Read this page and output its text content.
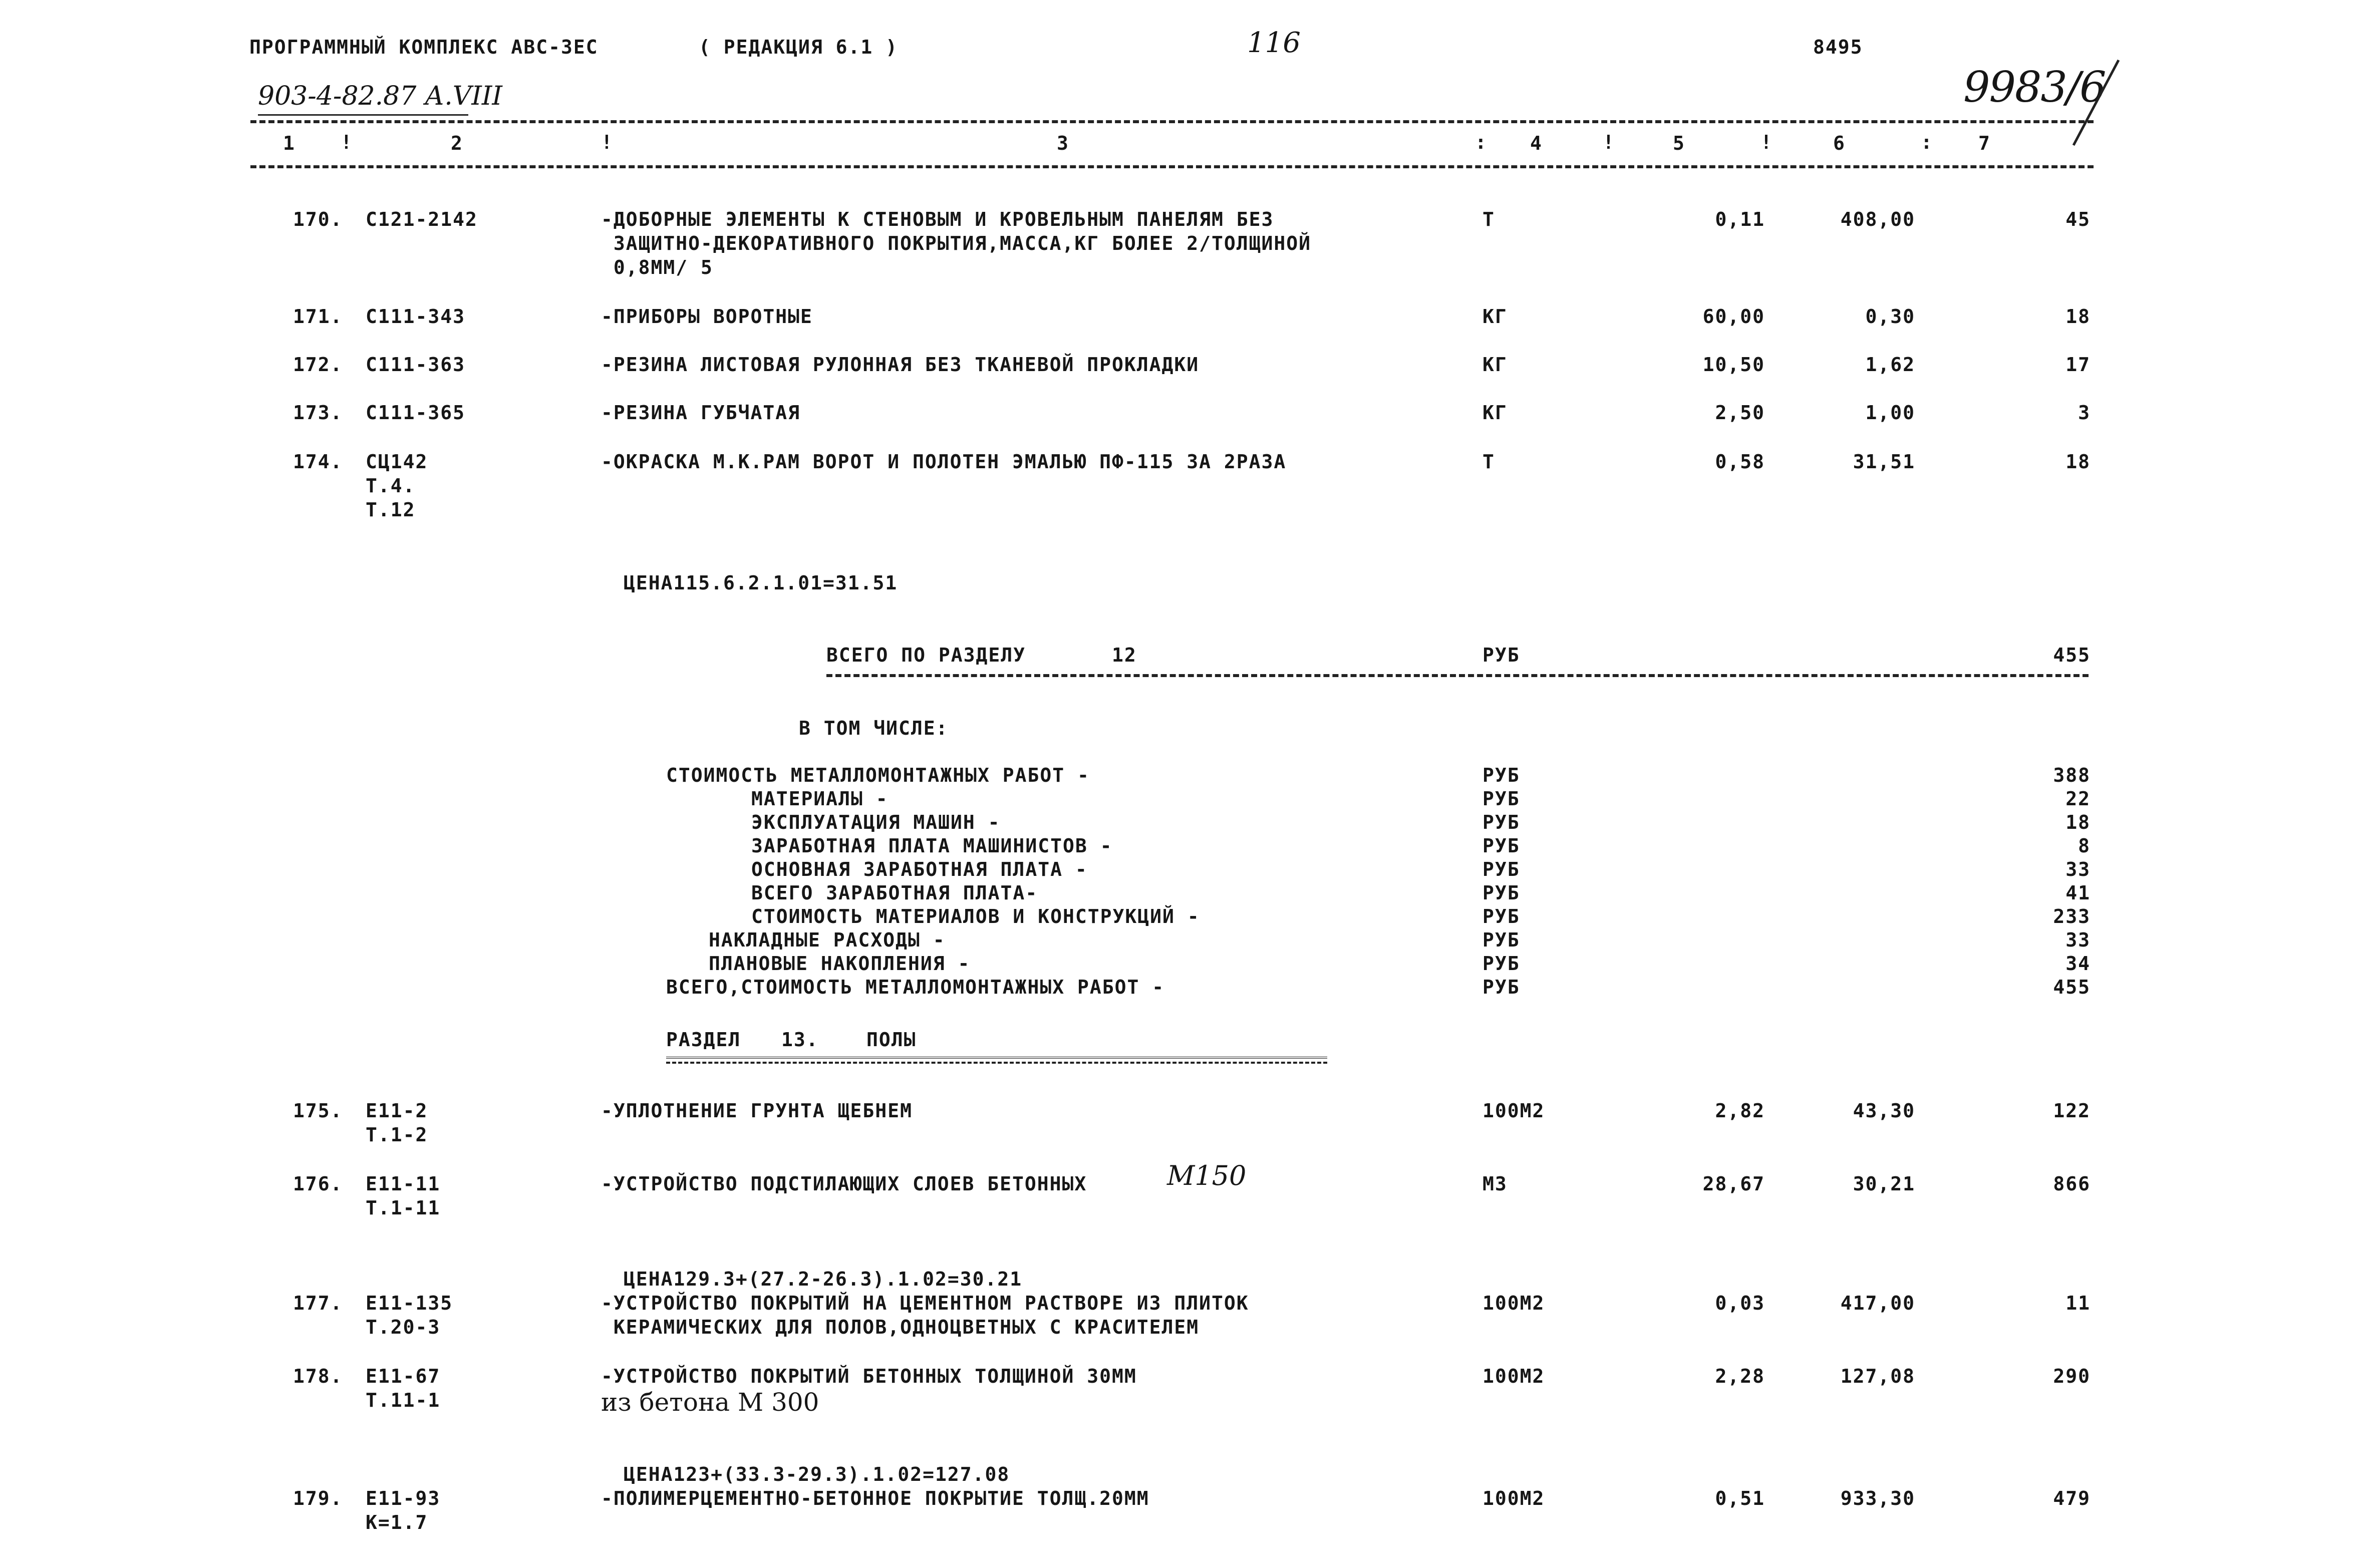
ПРОГРАММНЫЙ КОМПЛЕКС АВС-3ЕС	( РЕДАКЦИЯ 6.1 )	116	8495
903-4-82.87 А.VIII	9983/6
1 !	2	!	3	: 4	!	5	!	6	: 7
170. С121-2142	-ДОБОРНЫЕ ЭЛЕМЕНТЫ К СТЕНОВЫМ И КРОВЕЛЬНЫМ ПАНЕЛЯМ БЕЗ
ЗАЩИТНО-ДЕКОРАТИВНОГО ПОКРЫТИЯ,МАССА,КГ БОЛЕЕ 2/ТОЛЩИНОЙ
0,8ММ/ 5
Т	0,11	408,00	45
171. С111-343	-ПРИБОРЫ ВОРОТНЫЕ	КГ	60,00	0,30	18
172. С111-363	-РЕЗИНА ЛИСТОВАЯ РУЛОННАЯ БЕЗ ТКАНЕВОЙ ПРОКЛАДКИ	КГ	10,50	1,62	17
173. С111-365	-РЕЗИНА ГУБЧАТАЯ	КГ	2,50	1,00	3
174. СЦ142
Т.4.
Т.12
-ОКРАСКА М.К.РАМ ВОРОТ И ПОЛОТЕН ЭМАЛЬЮ ПФ-115 ЗА 2РАЗА	Т	0,58	31,51	18
ЦЕНА115.6.2.1.01=31.51
ВСЕГО ПО РАЗДЕЛУ	12	РУБ	455
В ТОМ ЧИСЛЕ:
СТОИМОСТЬ МЕТАЛЛОМОНТАЖНЫХ РАБОТ -	РУБ	388
МАТЕРИАЛЫ -	РУБ	22
ЭКСПЛУАТАЦИЯ МАШИН -	РУБ	18
ЗАРАБОТНАЯ ПЛАТА МАШИНИСТОВ -	РУБ	8
ОСНОВНАЯ ЗАРАБОТНАЯ ПЛАТА -	РУБ	33
ВСЕГО ЗАРАБОТНАЯ ПЛАТА-	РУБ	41
СТОИМОСТЬ МАТЕРИАЛОВ И КОНСТРУКЦИЙ -	РУБ	233
НАКЛАДНЫЕ РАСХОДЫ -	РУБ	33
ПЛАНОВЫЕ НАКОПЛЕНИЯ -	РУБ	34
ВСЕГО,СТОИМОСТЬ МЕТАЛЛОМОНТАЖНЫХ РАБОТ -	РУБ	455
РАЗДЕЛ 13.	ПОЛЫ
175. Е11-2
Т.1-2
-УПЛОТНЕНИЕ ГРУНТА ЩЕБНЕМ	100М2	2,82	43,30	122
176. Е11-11
Т.1-11
-УСТРОЙСТВО ПОДСТИЛАЮЩИХ СЛОЕВ БЕТОННЫХ	М150	М3	28,67	30,21	866
ЦЕНА129.3+(27.2-26.3).1.02=30.21
177. Е11-135
Т.20-3
-УСТРОЙСТВО ПОКРЫТИЙ НА ЦЕМЕНТНОМ РАСТВОРЕ ИЗ ПЛИТОК
КЕРАМИЧЕСКИХ ДЛЯ ПОЛОВ,ОДНОЦВЕТНЫХ С КРАСИТЕЛЕМ
100М2	0,03	417,00	11
178. Е11-67
Т.11-1
-УСТРОЙСТВО ПОКРЫТИЙ БЕТОННЫХ ТОЛЩИНОЙ 30ММ
из бетона М 300
100М2	2,28	127,08	290
ЦЕНА123+(33.3-29.3).1.02=127.08
179. Е11-93
К=1.7
-ПОЛИМЕРЦЕМЕНТНО-БЕТОННОЕ ПОКРЫТИЕ ТОЛЩ.20ММ	100М2	0,51	933,30	479
